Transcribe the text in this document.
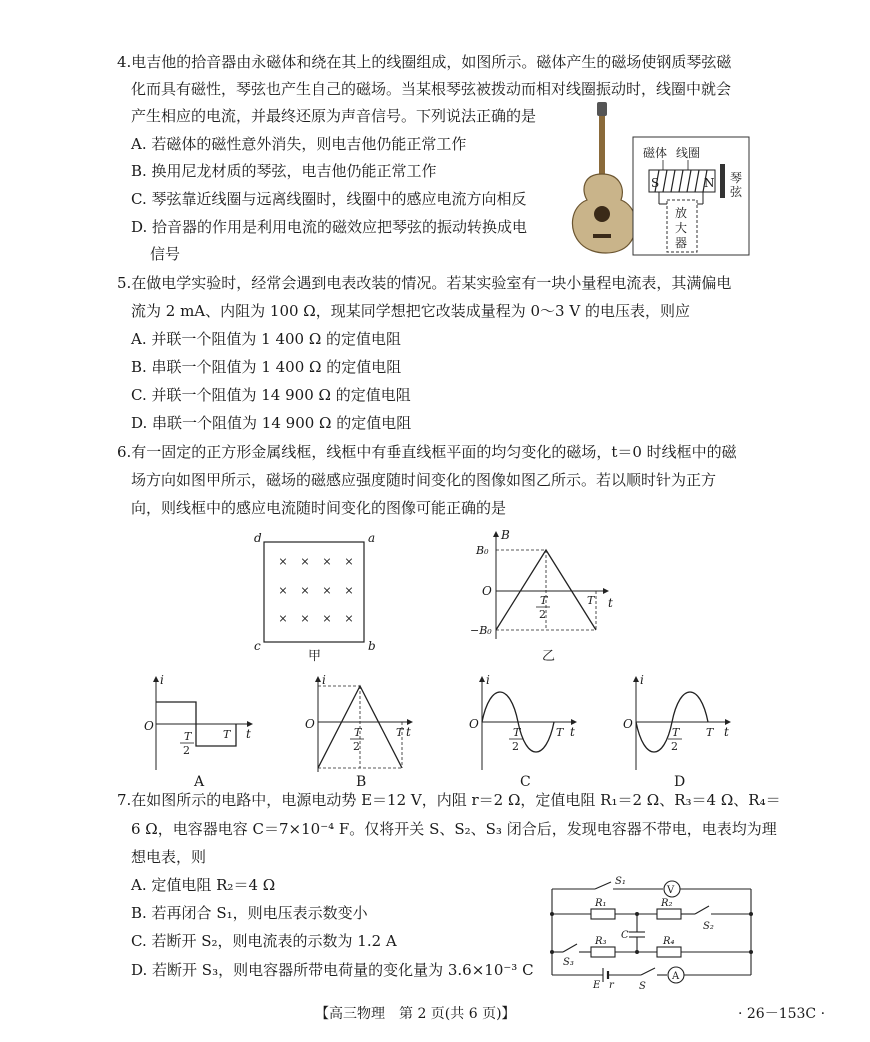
4.电吉他的拾音器由永磁体和绕在其上的线圈组成，如图所示。磁体产生的磁场使钢质琴弦磁
化而具有磁性，琴弦也产生自己的磁场。当某根琴弦被拨动而相对线圈振动时，线圈中就会
产生相应的电流，并最终还原为声音信号。下列说法正确的是
A. 若磁体的磁性意外消失，则电吉他仍能正常工作
B. 换用尼龙材质的琴弦，电吉他仍能正常工作
C. 琴弦靠近线圈与远离线圈时，线圈中的感应电流方向相反
D. 拾音器的作用是利用电流的磁效应把琴弦的振动转换成电
信号
磁体 线圈
S	N 琴
弦
放
大
器
5.在做电学实验时，经常会遇到电表改装的情况。若某实验室有一块小量程电流表，其满偏电
流为 2 mA、内阻为 100 Ω，现某同学想把它改装成量程为 0～3 V 的电压表，则应
A. 并联一个阻值为 1 400 Ω 的定值电阻
B. 串联一个阻值为 1 400 Ω 的定值电阻
C. 并联一个阻值为 14 900 Ω 的定值电阻
D. 串联一个阻值为 14 900 Ω 的定值电阻
6.有一固定的正方形金属线框，线框中有垂直线框平面的均匀变化的磁场，t＝0 时线框中的磁
场方向如图甲所示，磁场的磁感应强度随时间变化的图像如图乙所示。若以顺时针为正方
向，则线框中的感应电流随时间变化的图像可能正确的是
d	a
c	b
× × × ×
× × × ×
× × × ×
甲
B
t
O
B₀
−B₀
T
2
T
乙
i
t
O
T
2
T
A
i
t
O
T
2
T
B
i
t
O
T
2
T
C
i
t
O
T
2
T
D
7.在如图所示的电路中，电源电动势 E＝12 V，内阻 r＝2 Ω，定值电阻 R₁＝2 Ω、R₃＝4 Ω、R₄＝
6 Ω，电容器电容 C＝7×10⁻⁴ F。仅将开关 S、S₂、S₃ 闭合后，发现电容器不带电，电表均为理
想电表，则
A. 定值电阻 R₂＝4 Ω
B. 若再闭合 S₁，则电压表示数变小
C. 若断开 S₂，则电流表的示数为 1.2 A
D. 若断开 S₃，则电容器所带电荷量的变化量为 3.6×10⁻³ C
S₁
V
R₁	R₂
S₂
C
R₃	R₄
S₃
E r	S
A
【高三物理　第 2 页(共 6 页)】	· 26－153C ·
